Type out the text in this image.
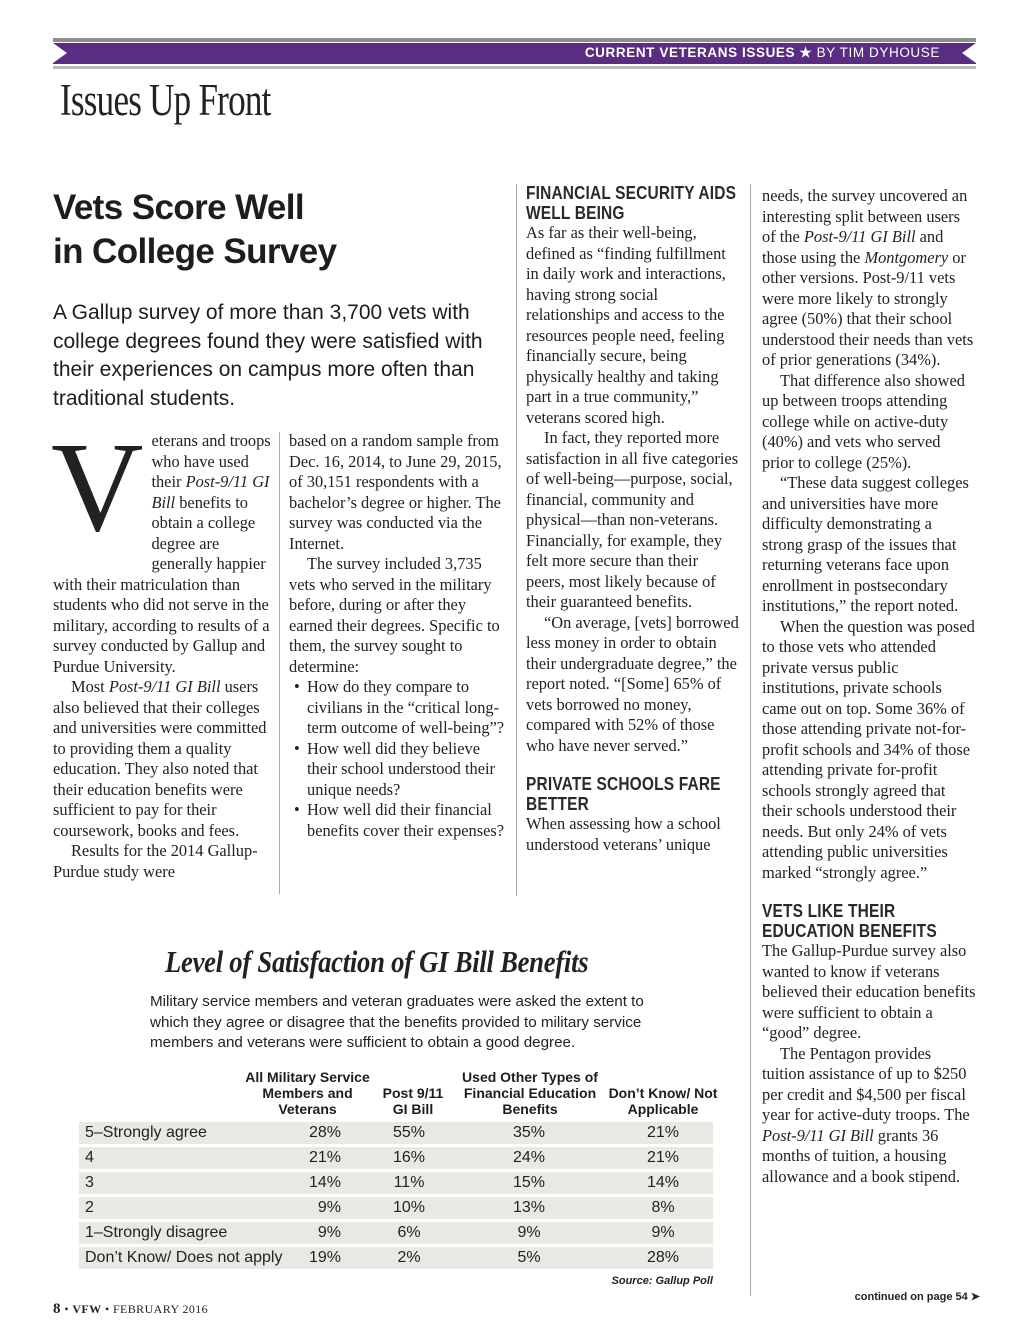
CURRENT VETERANS ISSUES ★ BY TIM DYHOUSE
Issues Up Front
Vets Score Well
in College Survey
A Gallup survey of more than 3,700 vets with college degrees found they were satisfied with their experiences on campus more often than traditional students.
V eterans and troops who have used their Post-9/11 GI Bill benefits to obtain a college degree are generally happier with their matriculation than students who did not serve in the military, according to results of a survey conducted by Gallup and Purdue University.

Most Post-9/11 GI Bill users also believed that their colleges and universities were committed to providing them a quality education. They also noted that their education benefits were sufficient to pay for their coursework, books and fees.

Results for the 2014 Gallup-Purdue study were

based on a random sample from Dec. 16, 2014, to June 29, 2015, of 30,151 respondents with a bachelor’s degree or higher. The survey was conducted via the Internet.

The survey included 3,735 vets who served in the military before, during or after they earned their degrees. Specific to them, the survey sought to determine:

• How do they compare to civilians in the “critical long-term outcome of well-being”?
• How well did they believe their school understood their unique needs?
• How well did their financial benefits cover their expenses?
FINANCIAL SECURITY AIDS WELL BEING

As far as their well-being, defined as “finding fulfillment in daily work and interactions, having strong social relationships and access to the resources people need, feeling financially secure, being physically healthy and taking part in a true community,” veterans scored high.

In fact, they reported more satisfaction in all five categories of well-being—purpose, social, financial, community and physical—than non-veterans. Financially, for example, they felt more secure than their peers, most likely because of their guaranteed benefits.

“On average, [vets] borrowed less money in order to obtain their undergraduate degree,” the report noted. “[Some] 65% of vets borrowed no money, compared with 52% of those who have never served.”

PRIVATE SCHOOLS FARE BETTER

When assessing how a school understood veterans’ unique

needs, the survey uncovered an interesting split between users of the Post-9/11 GI Bill and those using the Montgomery or other versions. Post-9/11 vets were more likely to strongly agree (50%) that their school understood their needs than vets of prior generations (34%).

That difference also showed up between troops attending college while on active-duty (40%) and vets who served prior to college (25%).

“These data suggest colleges and universities have more difficulty demonstrating a strong grasp of the issues that returning veterans face upon enrollment in postsecondary institutions,” the report noted.

When the question was posed to those vets who attended private versus public institutions, private schools came out on top. Some 36% of those attending private not-for-profit schools and 34% of those attending private for-profit schools strongly agreed that their schools understood their needs. But only 24% of vets attending public universities marked “strongly agree.”

VETS LIKE THEIR EDUCATION BENEFITS

The Gallup-Purdue survey also wanted to know if veterans believed their education benefits were sufficient to obtain a “good” degree.

The Pentagon provides tuition assistance of up to $250 per credit and $4,500 per fiscal year for active-duty troops. The Post-9/11 GI Bill grants 36 months of tuition, a housing allowance and a book stipend.

Level of Satisfaction of GI Bill Benefits
Military service members and veteran graduates were asked the extent to which they agree or disagree that the benefits provided to military service members and veterans were sufficient to obtain a good degree.
All Military Service Members and Veterans
Post 9/11 GI Bill
Used Other Types of Financial Education Benefits
Don’t Know/ Not Applicable
5–Strongly agree	28%	55%	35%	21%
4	21%	16%	24%	21%
3	14%	11%	15%	14%
2	9%	10%	13%	8%
1–Strongly disagree	9%	6%	9%	9%
Don’t Know/ Does not apply	19%	2%	5%	28%
Source: Gallup Poll
continued on page 54 ➤
8 • VFW • FEBRUARY 2016
